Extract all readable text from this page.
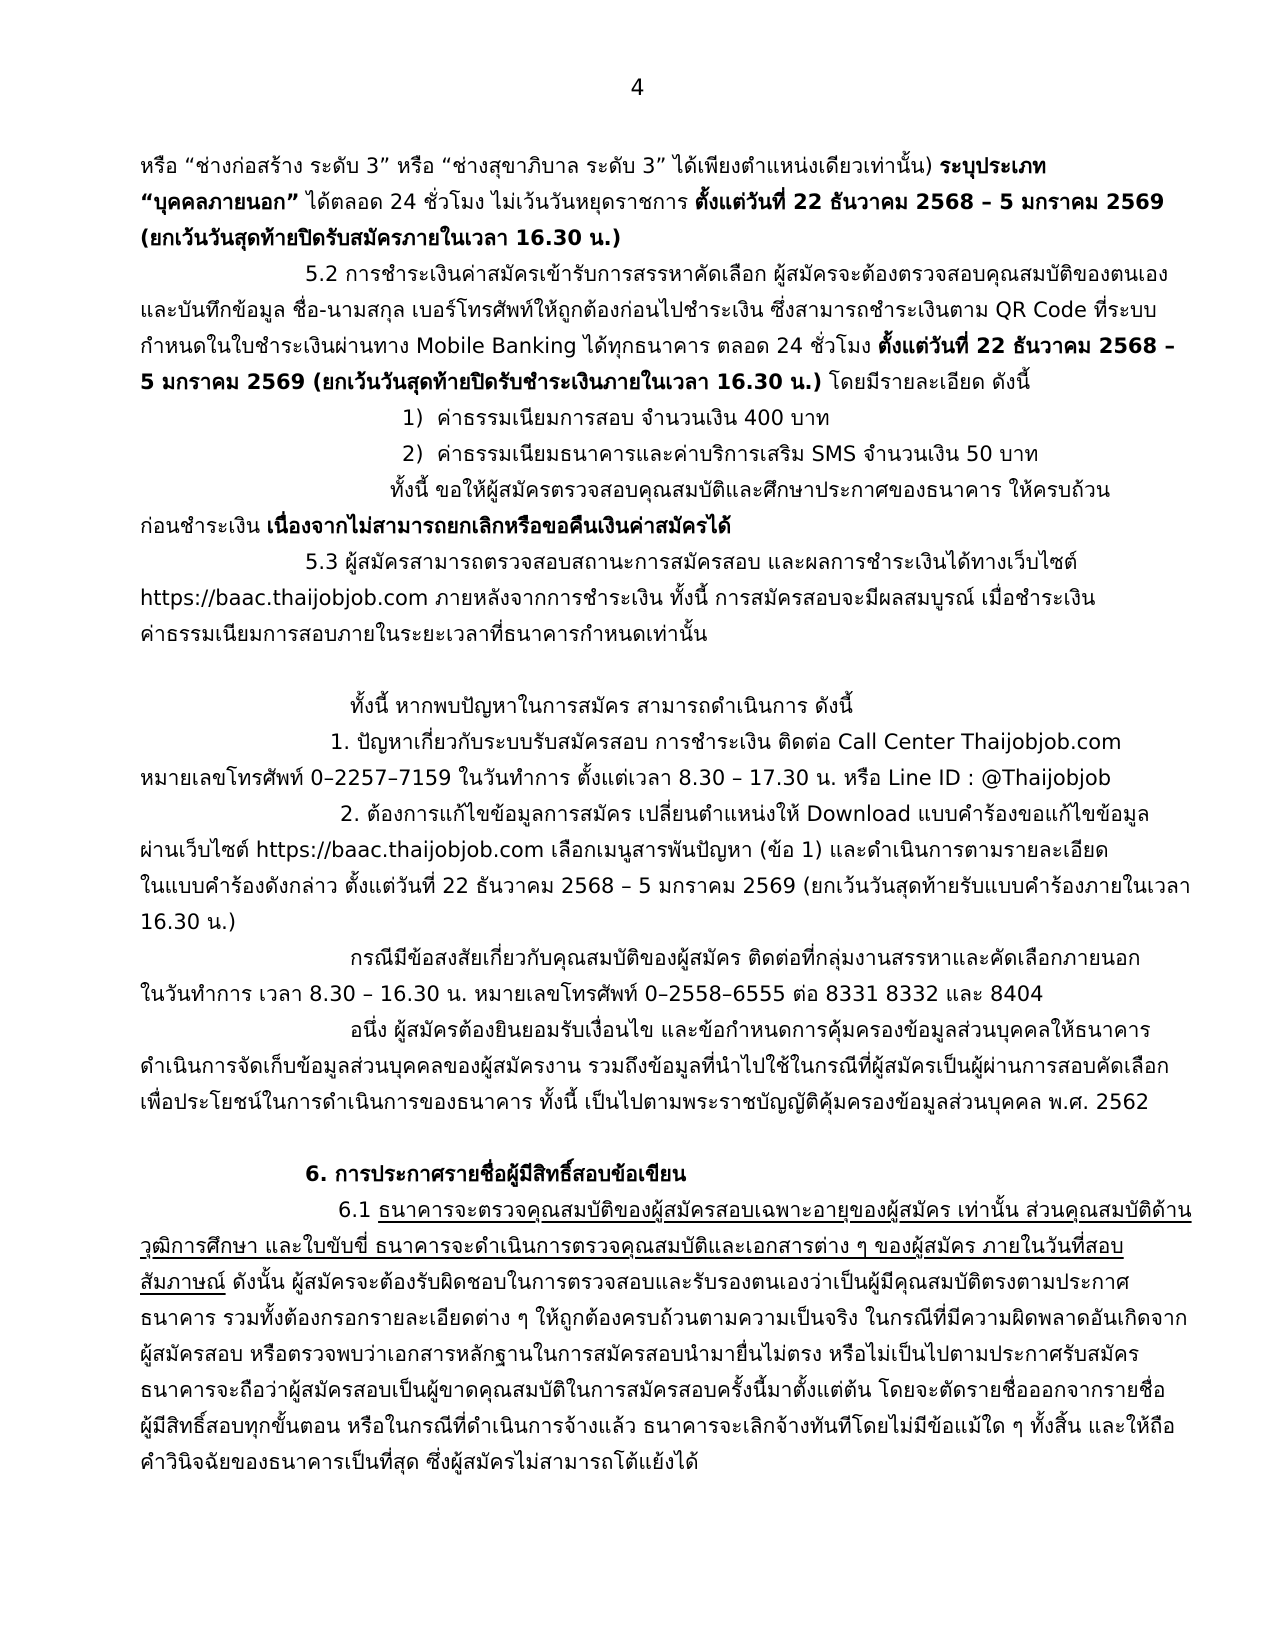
4
หรือ “ช่างก่อสร้าง ระดับ 3” หรือ “ช่างสุขาภิบาล ระดับ 3” ได้เพียงตำแหน่งเดียวเท่านั้น) ระบุประเภท
“บุคคลภายนอก” ได้ตลอด 24 ชั่วโมง ไม่เว้นวันหยุดราชการ ตั้งแต่วันที่ 22 ธันวาคม 2568 – 5 มกราคม 2569
(ยกเว้นวันสุดท้ายปิดรับสมัครภายในเวลา 16.30 น.)
5.2 การชำระเงินค่าสมัครเข้ารับการสรรหาคัดเลือก ผู้สมัครจะต้องตรวจสอบคุณสมบัติของตนเอง
และบันทึกข้อมูล ชื่อ-นามสกุล เบอร์โทรศัพท์ให้ถูกต้องก่อนไปชำระเงิน ซึ่งสามารถชำระเงินตาม QR Code ที่ระบบ
กำหนดในใบชำระเงินผ่านทาง Mobile Banking ได้ทุกธนาคาร ตลอด 24 ชั่วโมง ตั้งแต่วันที่ 22 ธันวาคม 2568 –
5 มกราคม 2569 (ยกเว้นวันสุดท้ายปิดรับชำระเงินภายในเวลา 16.30 น.) โดยมีรายละเอียด ดังนี้
1)  ค่าธรรมเนียมการสอบ จำนวนเงิน 400 บาท
2)  ค่าธรรมเนียมธนาคารและค่าบริการเสริม SMS จำนวนเงิน 50 บาท
ทั้งนี้ ขอให้ผู้สมัครตรวจสอบคุณสมบัติและศึกษาประกาศของธนาคาร ให้ครบถ้วน
ก่อนชำระเงิน เนื่องจากไม่สามารถยกเลิกหรือขอคืนเงินค่าสมัครได้
5.3 ผู้สมัครสามารถตรวจสอบสถานะการสมัครสอบ และผลการชำระเงินได้ทางเว็บไซต์
https://baac.thaijobjob.com ภายหลังจากการชำระเงิน ทั้งนี้ การสมัครสอบจะมีผลสมบูรณ์ เมื่อชำระเงิน
ค่าธรรมเนียมการสอบภายในระยะเวลาที่ธนาคารกำหนดเท่านั้น

ทั้งนี้ หากพบปัญหาในการสมัคร สามารถดำเนินการ ดังนี้
1. ปัญหาเกี่ยวกับระบบรับสมัครสอบ การชำระเงิน ติดต่อ Call Center Thaijobjob.com
หมายเลขโทรศัพท์ 0–2257–7159 ในวันทำการ ตั้งแต่เวลา 8.30 – 17.30 น. หรือ Line ID : @Thaijobjob
2. ต้องการแก้ไขข้อมูลการสมัคร เปลี่ยนตำแหน่งให้ Download แบบคำร้องขอแก้ไขข้อมูล
ผ่านเว็บไซต์ https://baac.thaijobjob.com เลือกเมนูสารพันปัญหา (ข้อ 1) และดำเนินการตามรายละเอียด
ในแบบคำร้องดังกล่าว ตั้งแต่วันที่ 22 ธันวาคม 2568 – 5 มกราคม 2569 (ยกเว้นวันสุดท้ายรับแบบคำร้องภายในเวลา
16.30 น.)
กรณีมีข้อสงสัยเกี่ยวกับคุณสมบัติของผู้สมัคร ติดต่อที่กลุ่มงานสรรหาและคัดเลือกภายนอก
ในวันทำการ เวลา 8.30 – 16.30 น. หมายเลขโทรศัพท์ 0–2558–6555 ต่อ 8331 8332 และ 8404
อนึ่ง ผู้สมัครต้องยินยอมรับเงื่อนไข และข้อกำหนดการคุ้มครองข้อมูลส่วนบุคคลให้ธนาคาร
ดำเนินการจัดเก็บข้อมูลส่วนบุคคลของผู้สมัครงาน รวมถึงข้อมูลที่นำไปใช้ในกรณีที่ผู้สมัครเป็นผู้ผ่านการสอบคัดเลือก
เพื่อประโยชน์ในการดำเนินการของธนาคาร ทั้งนี้ เป็นไปตามพระราชบัญญัติคุ้มครองข้อมูลส่วนบุคคล พ.ศ. 2562

6. การประกาศรายชื่อผู้มีสิทธิ์สอบข้อเขียน
6.1 ธนาคารจะตรวจคุณสมบัติของผู้สมัครสอบเฉพาะอายุของผู้สมัคร เท่านั้น ส่วนคุณสมบัติด้าน
วุฒิการศึกษา และใบขับขี่ ธนาคารจะดำเนินการตรวจคุณสมบัติและเอกสารต่าง ๆ ของผู้สมัคร ภายในวันที่สอบ
สัมภาษณ์ ดังนั้น ผู้สมัครจะต้องรับผิดชอบในการตรวจสอบและรับรองตนเองว่าเป็นผู้มีคุณสมบัติตรงตามประกาศ
ธนาคาร รวมทั้งต้องกรอกรายละเอียดต่าง ๆ ให้ถูกต้องครบถ้วนตามความเป็นจริง ในกรณีที่มีความผิดพลาดอันเกิดจาก
ผู้สมัครสอบ หรือตรวจพบว่าเอกสารหลักฐานในการสมัครสอบนำมายื่นไม่ตรง หรือไม่เป็นไปตามประกาศรับสมัคร
ธนาคารจะถือว่าผู้สมัครสอบเป็นผู้ขาดคุณสมบัติในการสมัครสอบครั้งนี้มาตั้งแต่ต้น โดยจะตัดรายชื่อออกจากรายชื่อ
ผู้มีสิทธิ์สอบทุกขั้นตอน หรือในกรณีที่ดำเนินการจ้างแล้ว ธนาคารจะเลิกจ้างทันทีโดยไม่มีข้อแม้ใด ๆ ทั้งสิ้น และให้ถือ
คำวินิจฉัยของธนาคารเป็นที่สุด ซึ่งผู้สมัครไม่สามารถโต้แย้งได้
